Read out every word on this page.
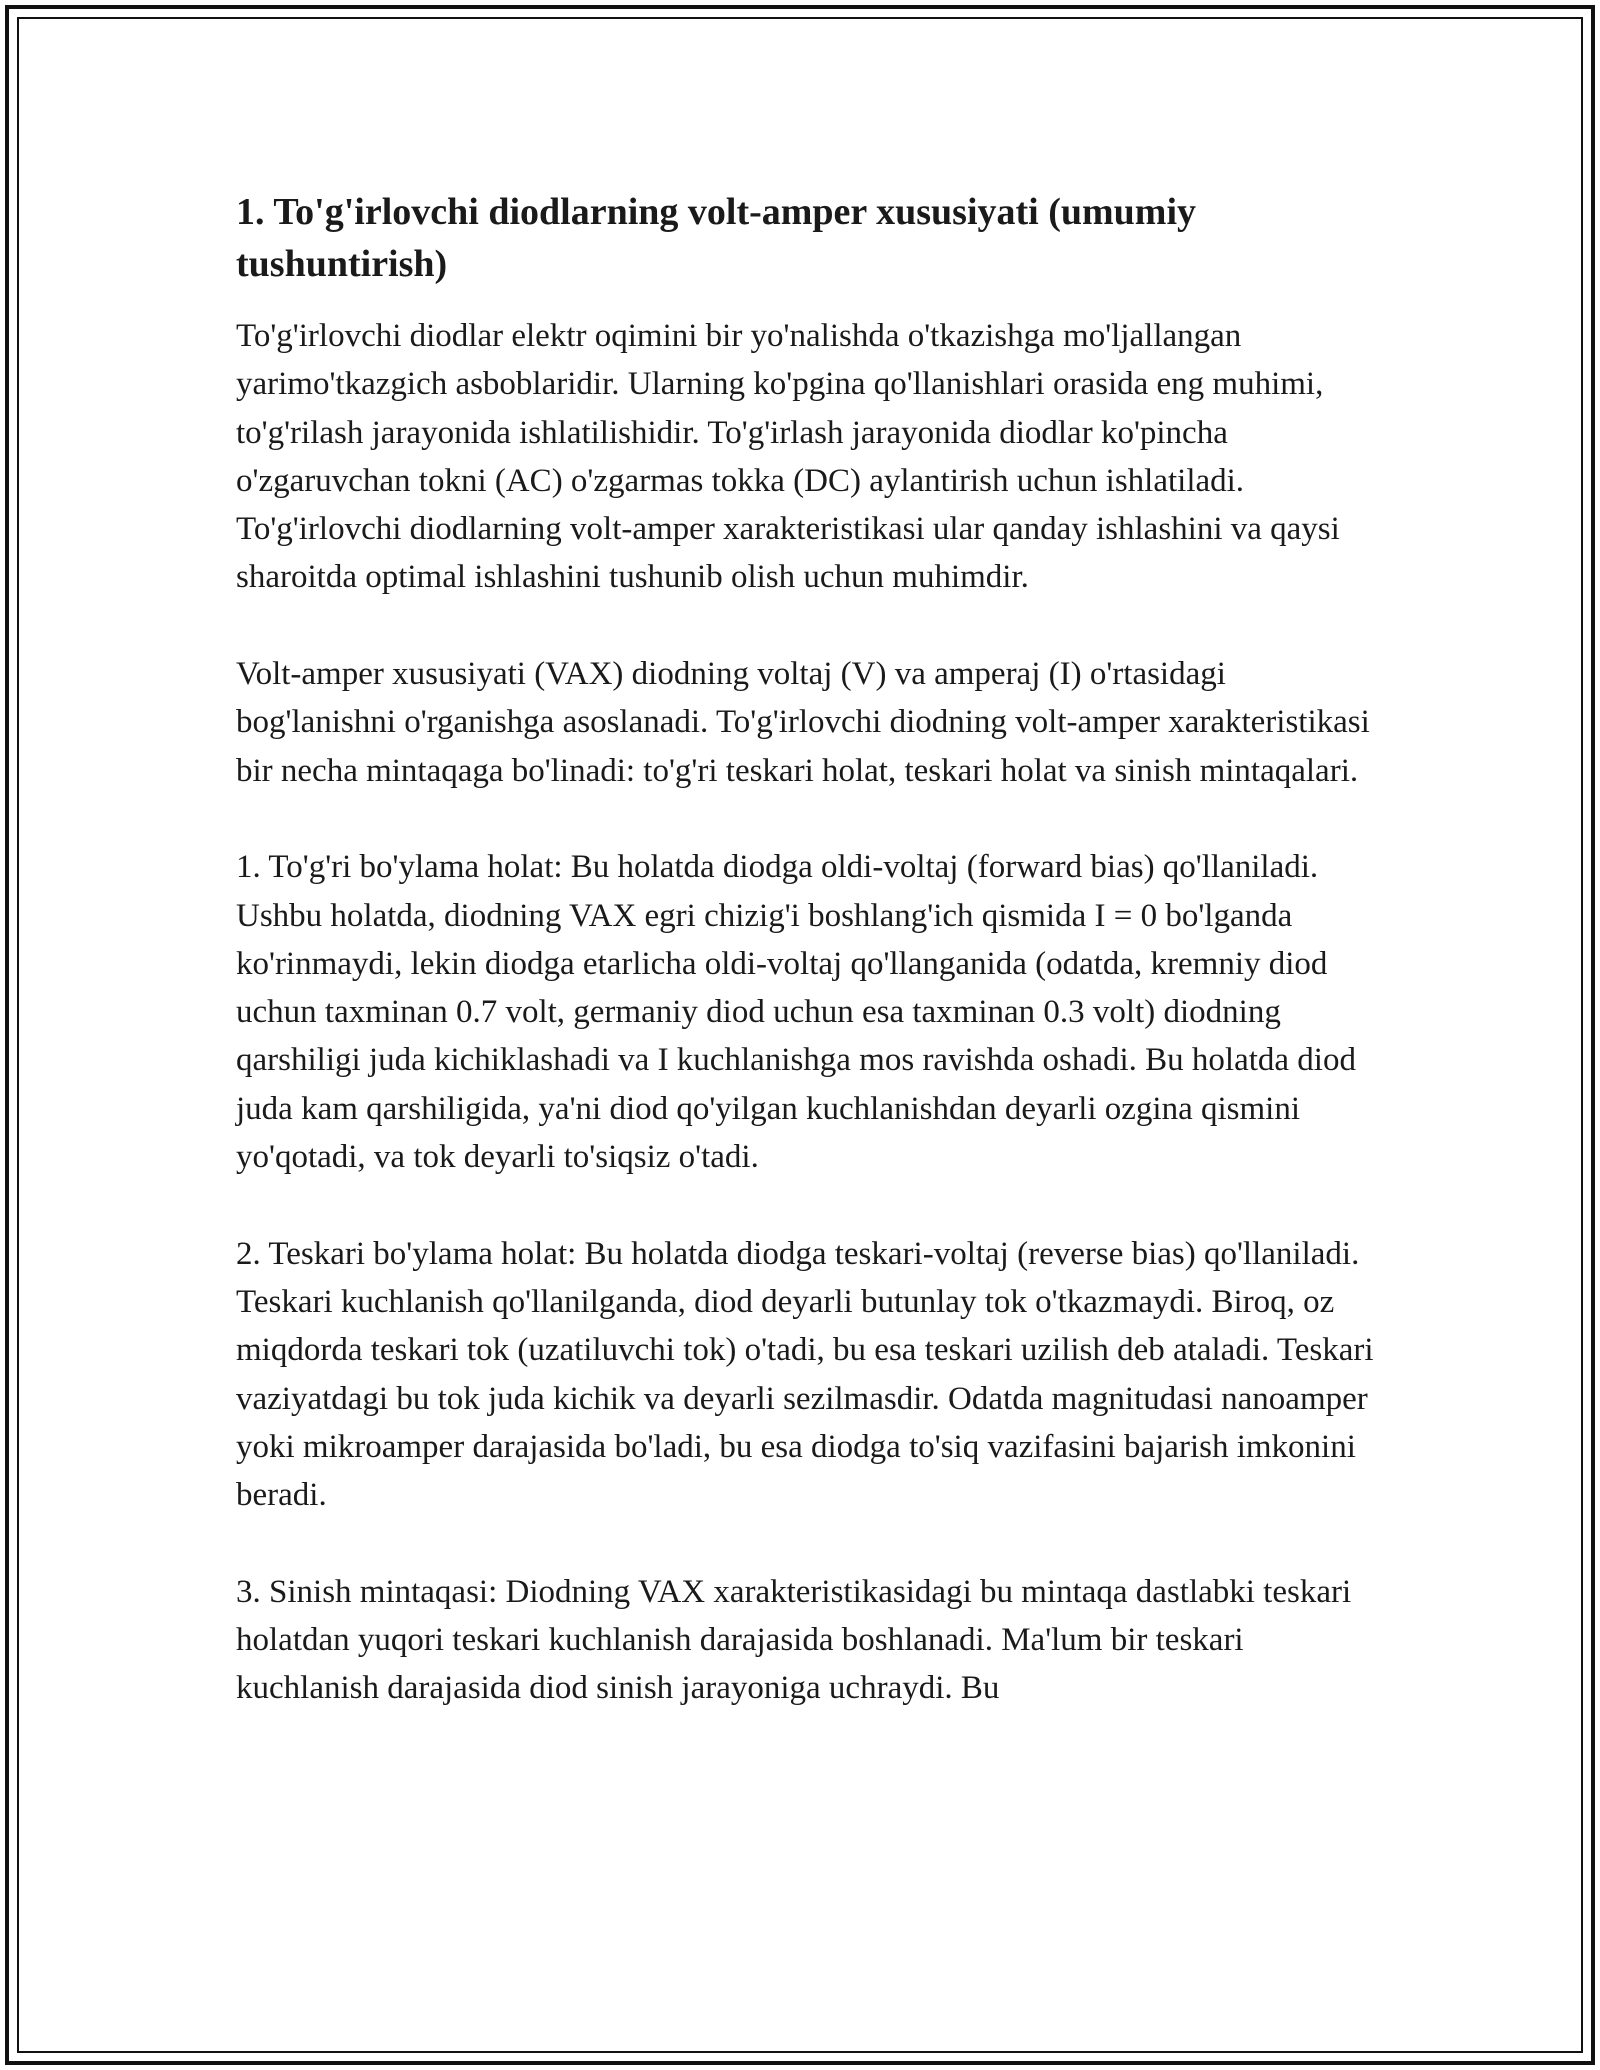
1. To'g'irlovchi diodlarning volt-amper xususiyati (umumiy tushuntirish)

To'g'irlovchi diodlar elektr oqimini bir yo'nalishda o'tkazishga mo'ljallangan yarimo'tkazgich asboblaridir. Ularning ko'pgina qo'llanishlari orasida eng muhimi, to'g'rilash jarayonida ishlatilishidir. To'g'irlash jarayonida diodlar ko'pincha o'zgaruvchan tokni (AC) o'zgarmas tokka (DC) aylantirish uchun ishlatiladi. To'g'irlovchi diodlarning volt-amper xarakteristikasi ular qanday ishlashini va qaysi sharoitda optimal ishlashini tushunib olish uchun muhimdir.

Volt-amper xususiyati (VAX) diodning voltaj (V) va amperaj (I) o'rtasidagi bog'lanishni o'rganishga asoslanadi. To'g'irlovchi diodning volt-amper xarakteristikasi bir necha mintaqaga bo'linadi: to'g'ri teskari holat, teskari holat va sinish mintaqalari.

1. To'g'ri bo'ylama holat: Bu holatda diodga oldi-voltaj (forward bias) qo'llaniladi. Ushbu holatda, diodning VAX egri chizig'i boshlang'ich qismida I = 0 bo'lganda ko'rinmaydi, lekin diodga etarlicha oldi-voltaj qo'llanganida (odatda, kremniy diod uchun taxminan 0.7 volt, germaniy diod uchun esa taxminan 0.3 volt) diodning qarshiligi juda kichiklashadi va I kuchlanishga mos ravishda oshadi. Bu holatda diod juda kam qarshiligida, ya'ni diod qo'yilgan kuchlanishdan deyarli ozgina qismini yo'qotadi, va tok deyarli to'siqsiz o'tadi.

2. Teskari bo'ylama holat: Bu holatda diodga teskari-voltaj (reverse bias) qo'llaniladi. Teskari kuchlanish qo'llanilganda, diod deyarli butunlay tok o'tkazmaydi. Biroq, oz miqdorda teskari tok (uzatiluvchi tok) o'tadi, bu esa teskari uzilish deb ataladi. Teskari vaziyatdagi bu tok juda kichik va deyarli sezilmasdir. Odatda magnitudasi nanoamper yoki mikroamper darajasida bo'ladi, bu esa diodga to'siq vazifasini bajarish imkonini beradi.

3. Sinish mintaqasi: Diodning VAX xarakteristikasidagi bu mintaqa dastlabki teskari holatdan yuqori teskari kuchlanish darajasida boshlanadi. Ma'lum bir teskari kuchlanish darajasida diod sinish jarayoniga uchraydi. Bu
